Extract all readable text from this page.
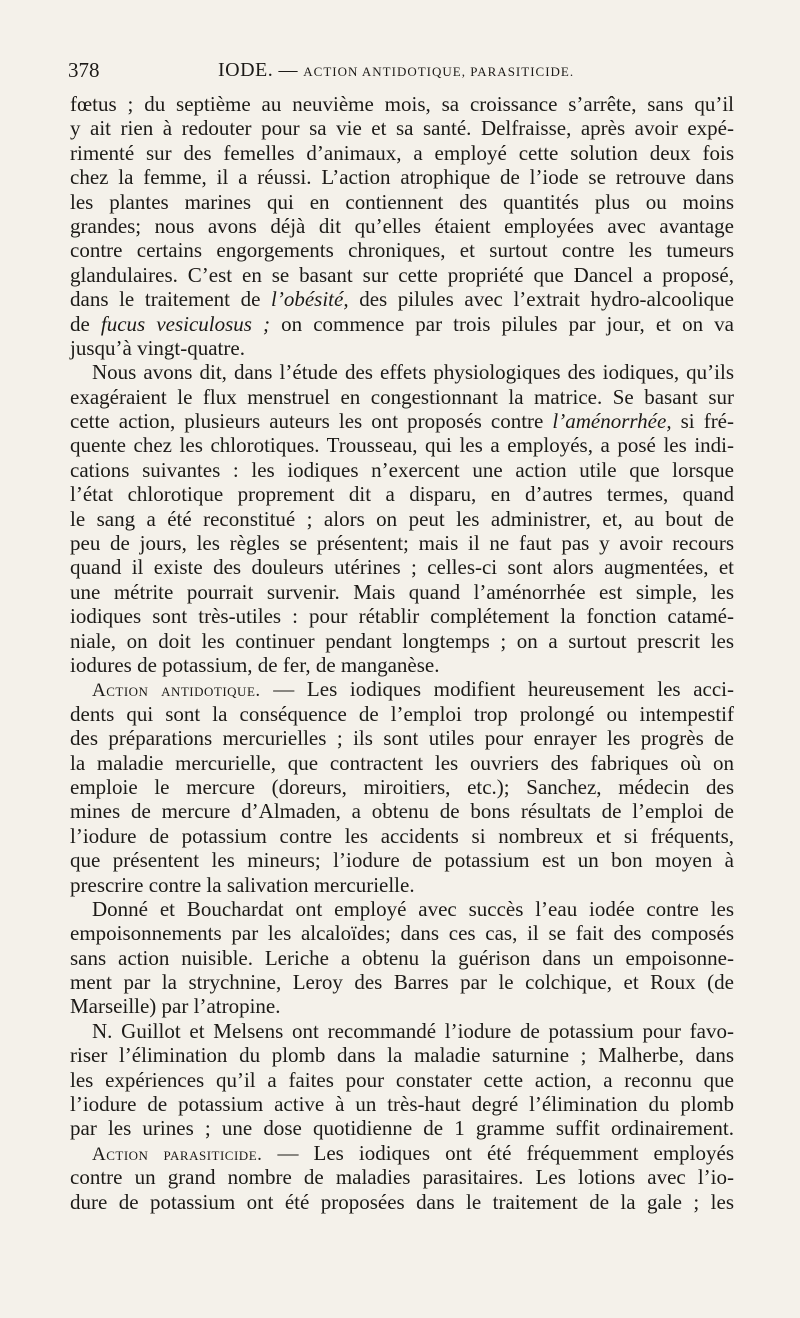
378	IODE. — ACTION ANTIDOTIQUE, PARASITICIDE.
fœtus ; du septième au neuvième mois, sa croissance s’arrête, sans qu’il
y ait rien à redouter pour sa vie et sa santé. Delfraisse, après avoir expé-
rimenté sur des femelles d’animaux, a employé cette solution deux fois
chez la femme, il a réussi. L’action atrophique de l’iode se retrouve dans
les plantes marines qui en contiennent des quantités plus ou moins
grandes; nous avons déjà dit qu’elles étaient employées avec avantage
contre certains engorgements chroniques, et surtout contre les tumeurs
glandulaires. C’est en se basant sur cette propriété que Dancel a proposé,
dans le traitement de l’obésité, des pilules avec l’extrait hydro-alcoolique
de fucus vesiculosus ; on commence par trois pilules par jour, et on va
jusqu’à vingt-quatre.
Nous avons dit, dans l’étude des effets physiologiques des iodiques, qu’ils
exagéraient le flux menstruel en congestionnant la matrice. Se basant sur
cette action, plusieurs auteurs les ont proposés contre l’aménorrhée, si fré-
quente chez les chlorotiques. Trousseau, qui les a employés, a posé les indi-
cations suivantes : les iodiques n’exercent une action utile que lorsque
l’état chlorotique proprement dit a disparu, en d’autres termes, quand
le sang a été reconstitué ; alors on peut les administrer, et, au bout de
peu de jours, les règles se présentent; mais il ne faut pas y avoir recours
quand il existe des douleurs utérines ; celles-ci sont alors augmentées, et
une métrite pourrait survenir. Mais quand l’aménorrhée est simple, les
iodiques sont très-utiles : pour rétablir complétement la fonction catamé-
niale, on doit les continuer pendant longtemps ; on a surtout prescrit les
iodures de potassium, de fer, de manganèse.
Action antidotique. — Les iodiques modifient heureusement les acci-
dents qui sont la conséquence de l’emploi trop prolongé ou intempestif
des préparations mercurielles ; ils sont utiles pour enrayer les progrès de
la maladie mercurielle, que contractent les ouvriers des fabriques où on
emploie le mercure (doreurs, miroitiers, etc.); Sanchez, médecin des
mines de mercure d’Almaden, a obtenu de bons résultats de l’emploi de
l’iodure de potassium contre les accidents si nombreux et si fréquents,
que présentent les mineurs; l’iodure de potassium est un bon moyen à
prescrire contre la salivation mercurielle.
Donné et Bouchardat ont employé avec succès l’eau iodée contre les
empoisonnements par les alcaloïdes; dans ces cas, il se fait des composés
sans action nuisible. Leriche a obtenu la guérison dans un empoisonne-
ment par la strychnine, Leroy des Barres par le colchique, et Roux (de
Marseille) par l’atropine.
N. Guillot et Melsens ont recommandé l’iodure de potassium pour favo-
riser l’élimination du plomb dans la maladie saturnine ; Malherbe, dans
les expériences qu’il a faites pour constater cette action, a reconnu que
l’iodure de potassium active à un très-haut degré l’élimination du plomb
par les urines ; une dose quotidienne de 1 gramme suffit ordinairement.
Action parasiticide. — Les iodiques ont été fréquemment employés
contre un grand nombre de maladies parasitaires. Les lotions avec l’io-
dure de potassium ont été proposées dans le traitement de la gale ; les
